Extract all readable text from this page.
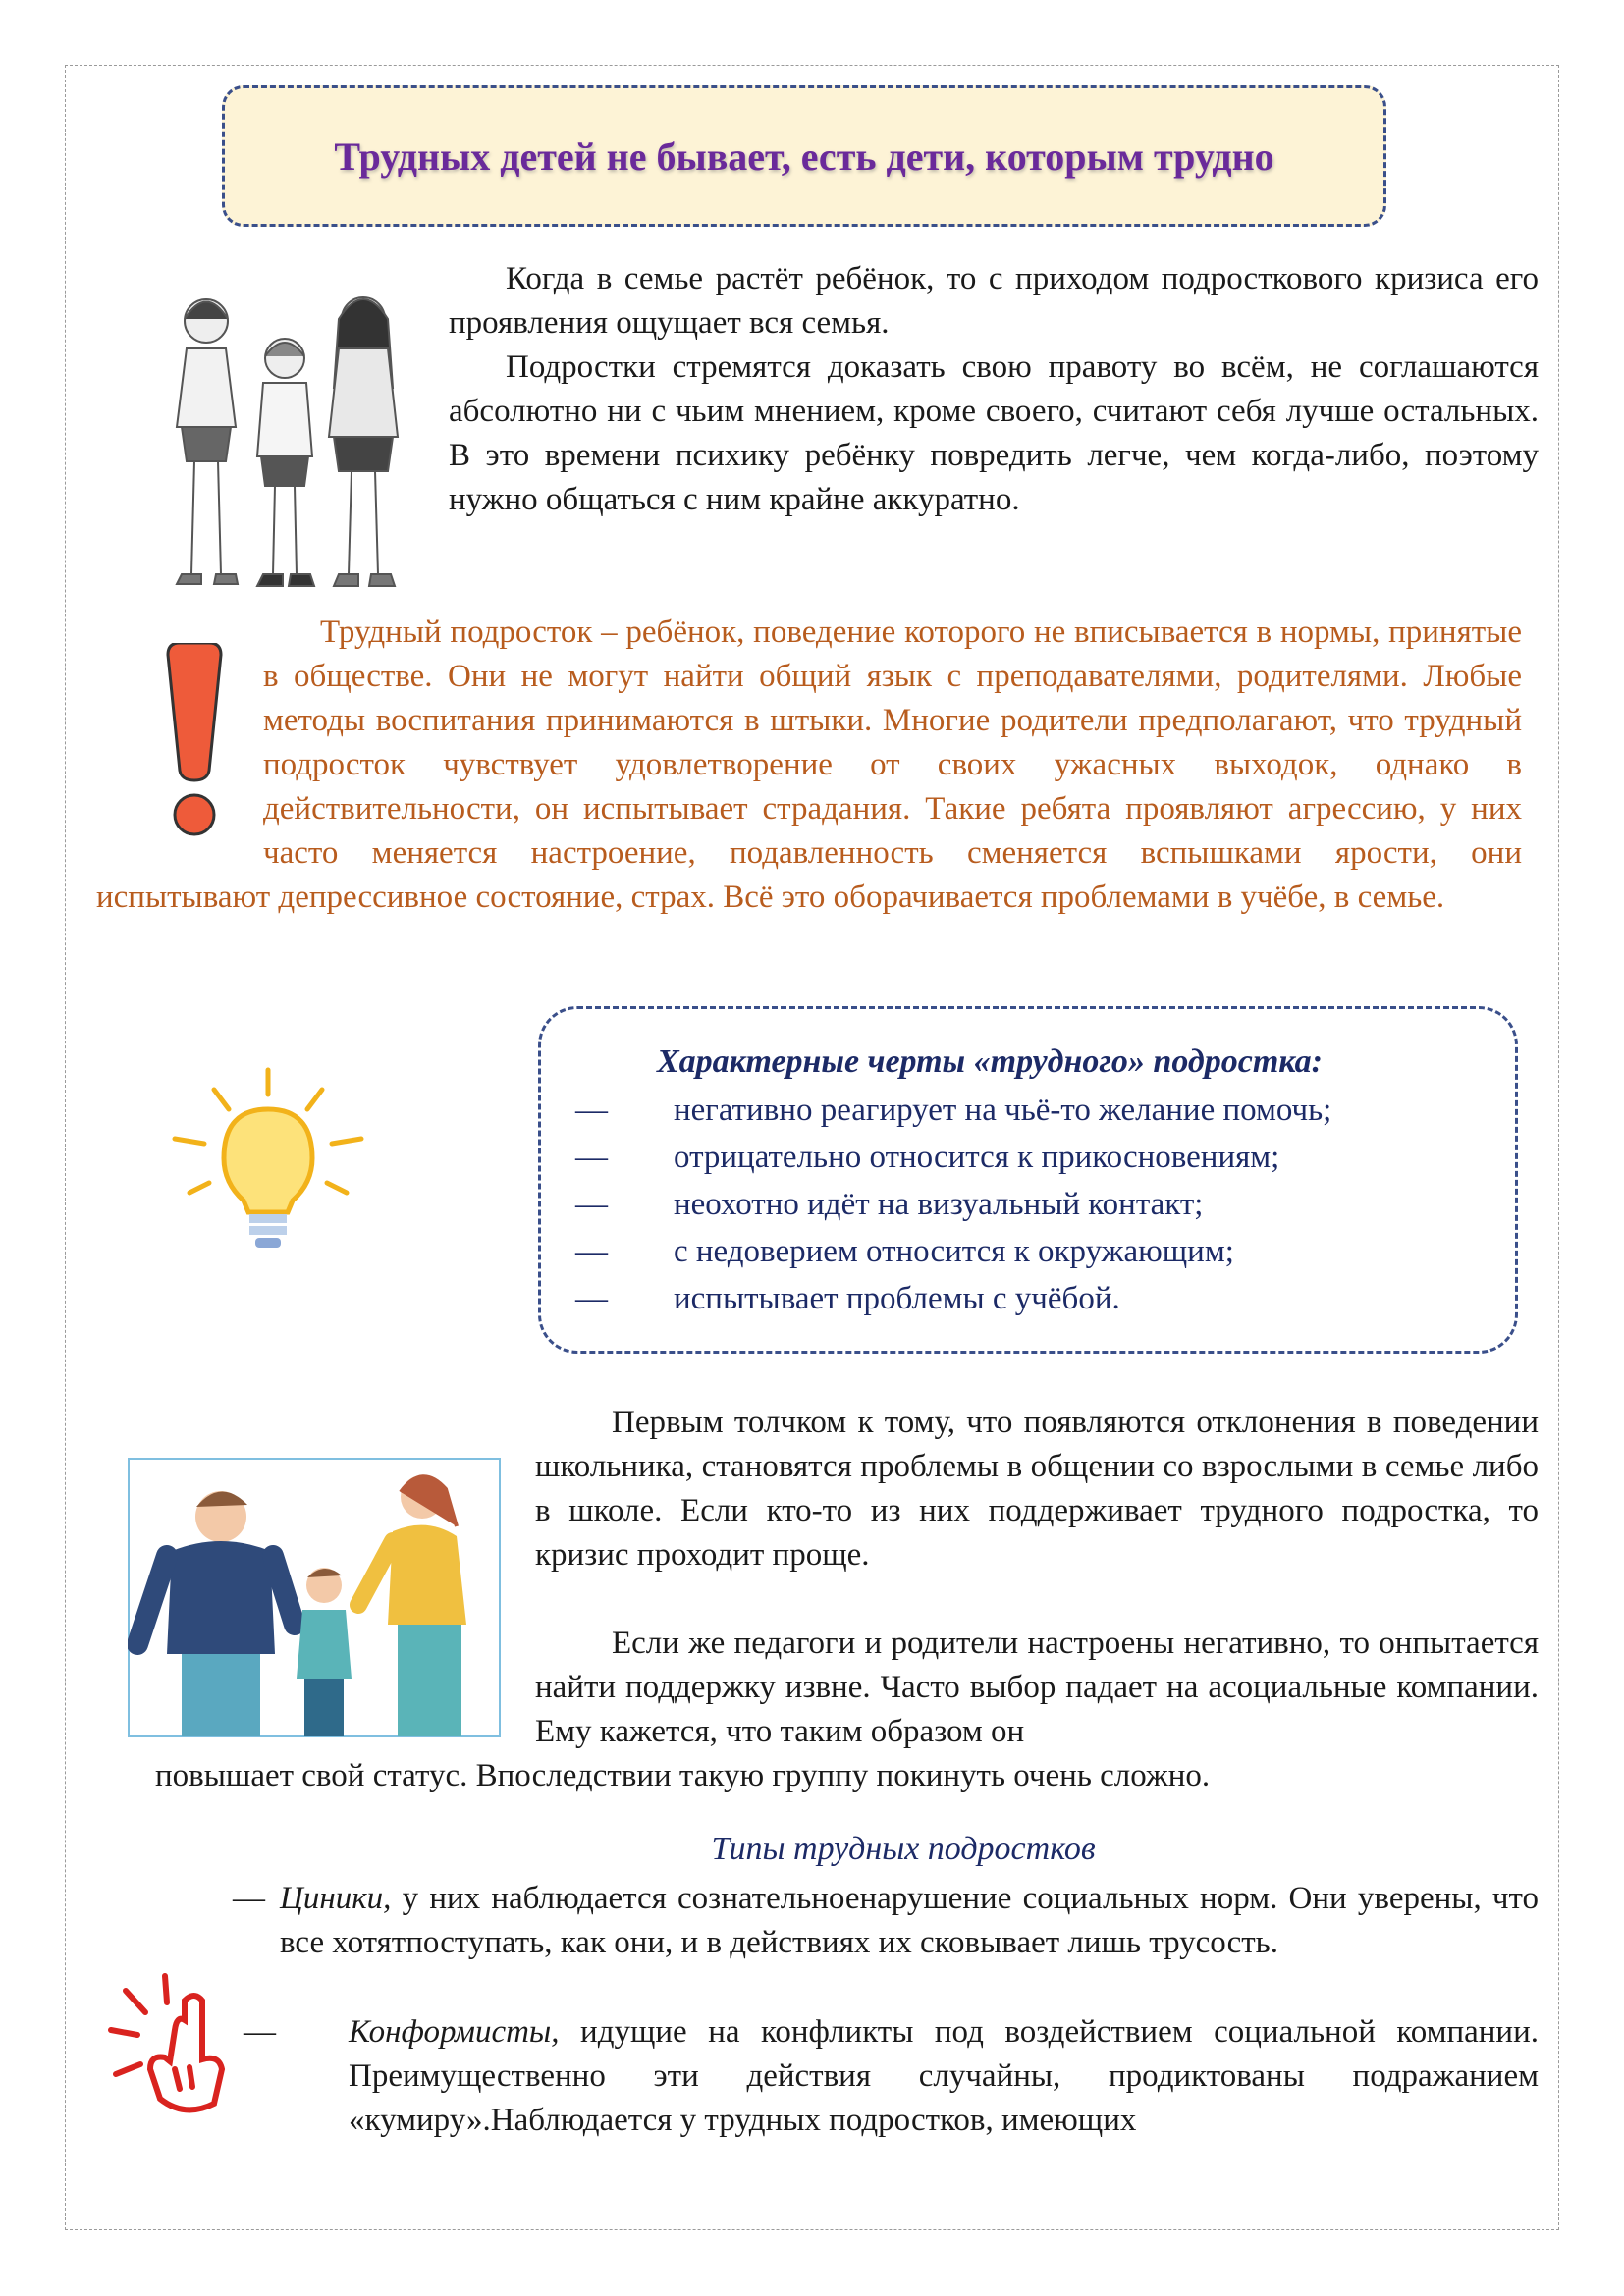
Трудных детей не бывает, есть дети, которым трудно

Когда в семье растёт ребёнок, то с приходом подросткового кризиса его проявления ощущает вся семья.

Подростки стремятся доказать свою правоту во всём, не соглашаются абсолютно ни с чьим мнением, кроме своего, считают себя лучше остальных. В это времени психику ребёнку повредить легче, чем когда-либо, поэтому нужно общаться с ним крайне аккуратно.

Трудный подросток – ребёнок, поведение которого не вписывается в нормы, принятые в обществе. Они не могут найти общий язык с преподавателями, родителями. Любые методы воспитания принимаются в штыки. Многие родители предполагают, что трудный подросток чувствует удовлетворение от своих ужасных выходок, однако в действительности, он испытывает страдания. Такие ребята проявляют агрессию, у них часто меняется настроение, подавленность сменяется вспышками ярости, они испытывают депрессивное состояние, страх. Всё это оборачивается проблемами в учёбе, в семье.

Характерные черты «трудного» подростка:

—	негативно реагирует на чьё-то желание помочь;
—	отрицательно относится к прикосновениям;
—	неохотно идёт на визуальный контакт;
—	с недоверием относится к окружающим;
—	испытывает проблемы с учёбой.

Первым толчком к тому, что появляются отклонения в поведении школьника, становятся проблемы в общении со взрослыми в семье либо в школе. Если кто-то из них поддерживает трудного подростка, то кризис проходит проще.

Если же педагоги и родители настроены негативно, то онпытается найти поддержку извне. Часто выбор падает на асоциальные компании. Ему кажется, что таким образом он

повышает свой статус. Впоследствии такую группу покинуть очень сложно.

Типы трудных подростков

— Циники, у них наблюдается сознательноенарушение социальных норм. Они уверены, что все хотятпоступать, как они, и в действиях их сковывает лишь трусость.
—	Конформисты, идущие на конфликты под воздействием социальной компании. Преимущественно эти действия случайны, продиктованы подражанием «кумиру».Наблюдается у трудных подростков, имеющих
